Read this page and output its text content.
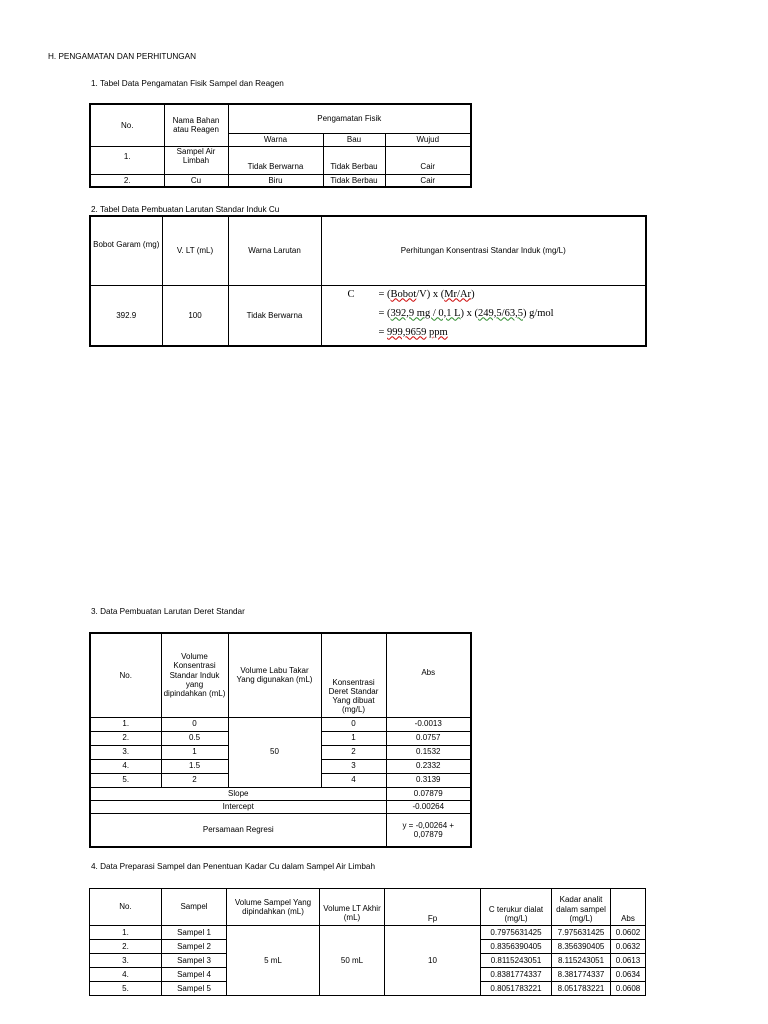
H. PENGAMATAN DAN PERHITUNGAN
1. Tabel Data Pengamatan Fisik Sampel dan Reagen
No.	Nama Bahan atau Reagen	Pengamatan Fisik		
		Warna	Bau	Wujud
1.	Sampel Air Limbah	Tidak Berwarna	Tidak Berbau	Cair
2.	Cu	Biru	Tidak Berbau	Cair
2. Tabel Data Pembuatan Larutan Standar Induk Cu
Bobot Garam (mg)	V. LT (mL)	Warna Larutan	Perhitungan Konsentrasi Standar Induk (mg/L)
392.9	100	Tidak Berwarna	C = (Bobot/V) x (Mr/Ar)
= (392,9 mg / 0,1 L) x (249,5/63,5) g/mol
= 999,9659 ppm
3. Data Pembuatan Larutan Deret Standar
No.	Volume Konsentrasi Standar Induk yang dipindahkan (mL)	Volume Labu Takar Yang digunakan (mL)	Konsentrasi Deret Standar Yang dibuat (mg/L)	Abs
1.	0	50	0	-0.0013
2.	0.5		1	0.0757
3.	1		2	0.1532
4.	1.5		3	0.2332
5.	2		4	0.3139
Slope				0.07879
Intercept				-0.00264
Persamaan Regresi				y = -0,00264 + 0,07879
4. Data Preparasi Sampel dan Penentuan Kadar Cu dalam Sampel Air Limbah
No.	Sampel	Volume Sampel Yang dipindahkan (mL)	Volume LT Akhir (mL)	Fp	C terukur dialat (mg/L)	Kadar analit dalam sampel (mg/L)	Abs
1.	Sampel 1	5 mL	50 mL	10	0.7975631425	7.975631425	0.0602
2.	Sampel 2				0.8356390405	8.356390405	0.0632
3.	Sampel 3				0.8115243051	8.115243051	0.0613
4.	Sampel 4				0.8381774337	8.381774337	0.0634
5.	Sampel 5				0.8051783221	8.051783221	0.0608
